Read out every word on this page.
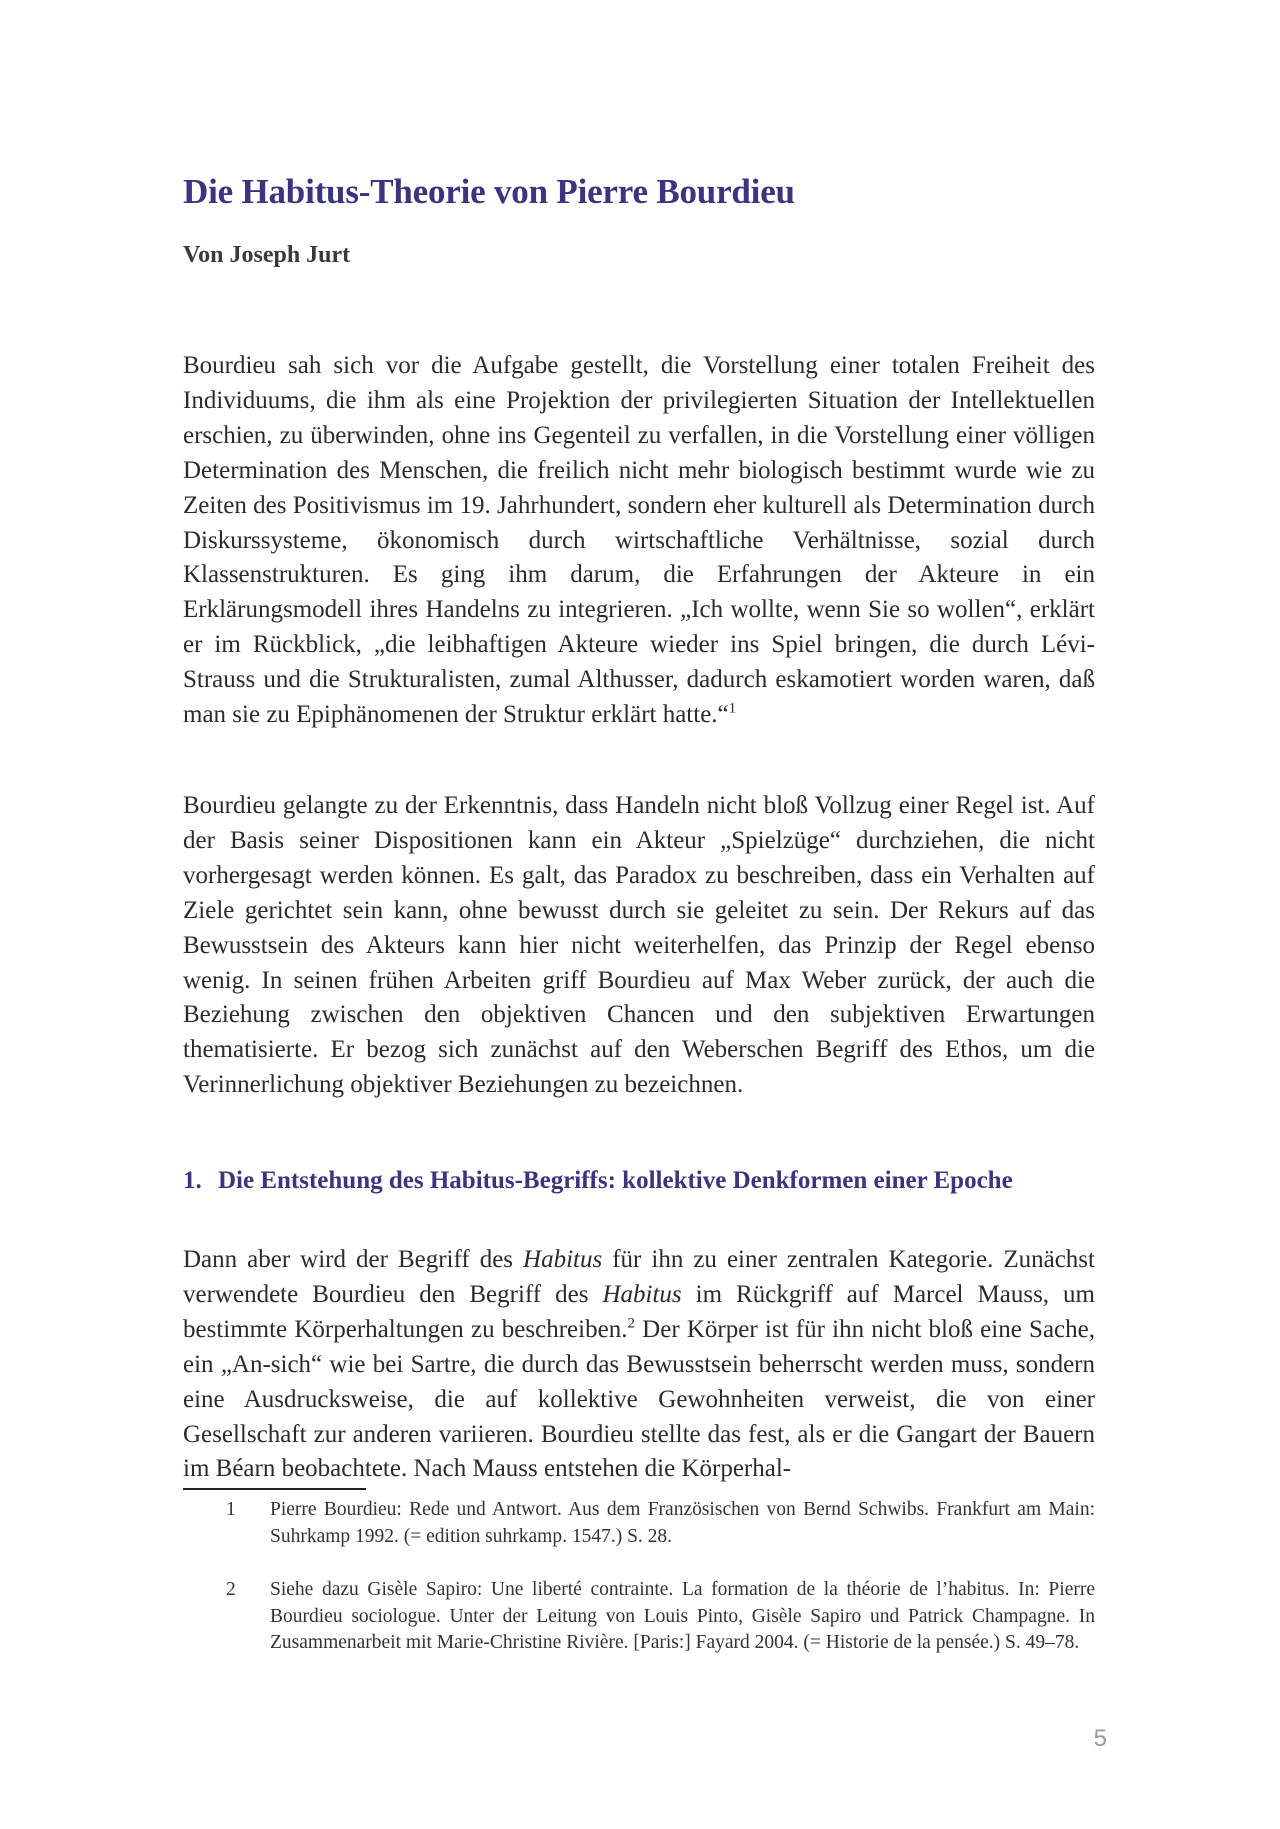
Die Habitus-Theorie von Pierre Bourdieu
Von Joseph Jurt

Bourdieu sah sich vor die Aufgabe gestellt, die Vorstellung einer totalen Freiheit des Individuums, die ihm als eine Projektion der privilegierten Situation der Intellektuellen erschien, zu überwinden, ohne ins Gegenteil zu verfallen, in die Vorstellung einer völligen Determination des Menschen, die freilich nicht mehr biologisch bestimmt wurde wie zu Zeiten des Positivismus im 19. Jahrhundert, sondern eher kulturell als Determination durch Diskurssysteme, ökonomisch durch wirtschaftliche Verhältnisse, sozial durch Klassenstrukturen. Es ging ihm darum, die Erfahrungen der Akteure in ein Erklärungsmodell ihres Handelns zu integrieren. „Ich wollte, wenn Sie so wollen“, erklärt er im Rückblick, „die leibhaftigen Akteure wieder ins Spiel bringen, die durch Lévi-Strauss und die Strukturalisten, zumal Althusser, dadurch eskamotiert worden waren, daß man sie zu Epiphänomenen der Struktur erklärt hatte.“$^1$

Bourdieu gelangte zu der Erkenntnis, dass Handeln nicht bloß Vollzug einer Regel ist. Auf der Basis seiner Dispositionen kann ein Akteur „Spielzüge“ durchziehen, die nicht vorhergesagt werden können. Es galt, das Paradox zu beschreiben, dass ein Verhalten auf Ziele gerichtet sein kann, ohne bewusst durch sie geleitet zu sein. Der Rekurs auf das Bewusstsein des Akteurs kann hier nicht weiterhelfen, das Prinzip der Regel ebenso wenig. In seinen frühen Arbeiten griff Bourdieu auf Max Weber zurück, der auch die Beziehung zwischen den objektiven Chancen und den subjektiven Erwartungen thematisierte. Er bezog sich zunächst auf den Weberschen Begriff des Ethos, um die Verinnerlichung objektiver Beziehungen zu bezeichnen.

1. Die Entstehung des Habitus-Begriffs: kollektive Denkformen einer Epoche

Dann aber wird der Begriff des Habitus für ihn zu einer zentralen Kategorie. Zunächst verwendete Bourdieu den Begriff des Habitus im Rückgriff auf Marcel Mauss, um bestimmte Körperhaltungen zu beschreiben.$^2$ Der Körper ist für ihn nicht bloß eine Sache, ein „An-sich“ wie bei Sartre, die durch das Bewusstsein beherrscht werden muss, sondern eine Ausdrucksweise, die auf kollektive Gewohnheiten verweist, die von einer Gesellschaft zur anderen variieren. Bourdieu stellte das fest, als er die Gangart der Bauern im Béarn beobachtete. Nach Mauss entstehen die Körperhal-

1	Pierre Bourdieu: Rede und Antwort. Aus dem Französischen von Bernd Schwibs. Frankfurt am Main: Suhrkamp 1992. (= edition suhrkamp. 1547.) S. 28.
2	Siehe dazu Gisèle Sapiro: Une liberté contrainte. La formation de la théorie de l’habitus. In: Pierre Bourdieu sociologue. Unter der Leitung von Louis Pinto, Gisèle Sapiro und Patrick Champagne. In Zusammenarbeit mit Marie-Christine Rivière. [Paris:] Fayard 2004. (= Historie de la pensée.) S. 49–78.
5
